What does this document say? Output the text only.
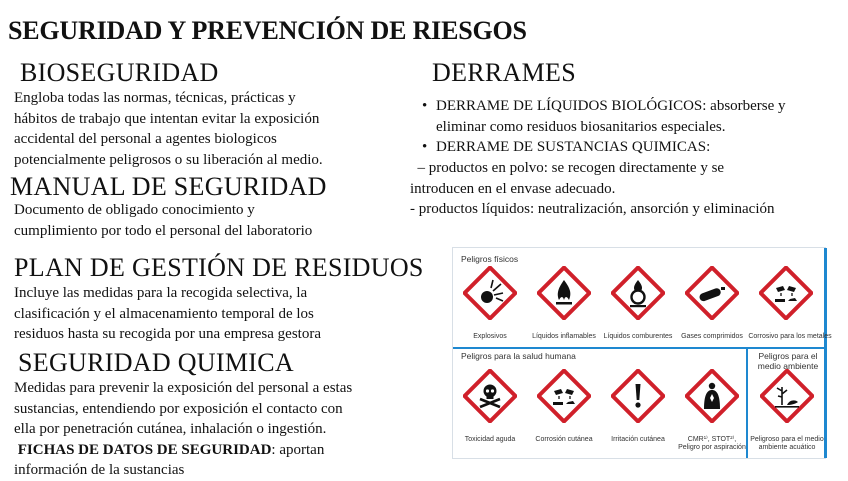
SEGURIDAD Y PREVENCIÓN DE RIESGOS
BIOSEGURIDAD
Engloba todas las normas, técnicas, prácticas y
hábitos de trabajo que intentan evitar la exposición
accidental del personal a agentes biologicos
potencialmente peligrosos o su liberación al medio.
MANUAL DE SEGURIDAD
Documento de obligado conocimiento y
cumplimiento por todo el personal del laboratorio
PLAN DE GESTIÓN DE RESIDUOS
Incluye las medidas para la recogida selectiva, la
clasificación y el almacenamiento temporal de los
residuos hasta su recogida por una empresa gestora
SEGURIDAD QUIMICA
Medidas para prevenir la exposición del personal a estas
sustancias, entendiendo por exposición el contacto con
ella por penetración cutánea, inhalación o ingestión.
FICHAS DE DATOS DE SEGURIDAD: aportan
información de la sustancias
DERRAMES
• DERRAME DE LÍQUIDOS BIOLÓGICOS: absorberse y
eliminar como residuos biosanitarios especiales.
• DERRAME DE SUSTANCIAS QUIMICAS:
– productos en polvo: se recogen directamente y se
introducen en el envase adecuado.
- productos líquidos: neutralización, ansorción y eliminación
Peligros físicos
Explosivos	Líquidos inflamables	Líquidos comburentes	Gases comprimidos Corrosivo para los metales
Peligros para la salud humana	Peligros para el
medio ambiente
Toxicidad aguda	Corrosión cutánea	Irritación cutánea	CMR¹⁾, STOT²⁾,
Peligro por aspiración
Peligroso para el medio
ambiente acuático
